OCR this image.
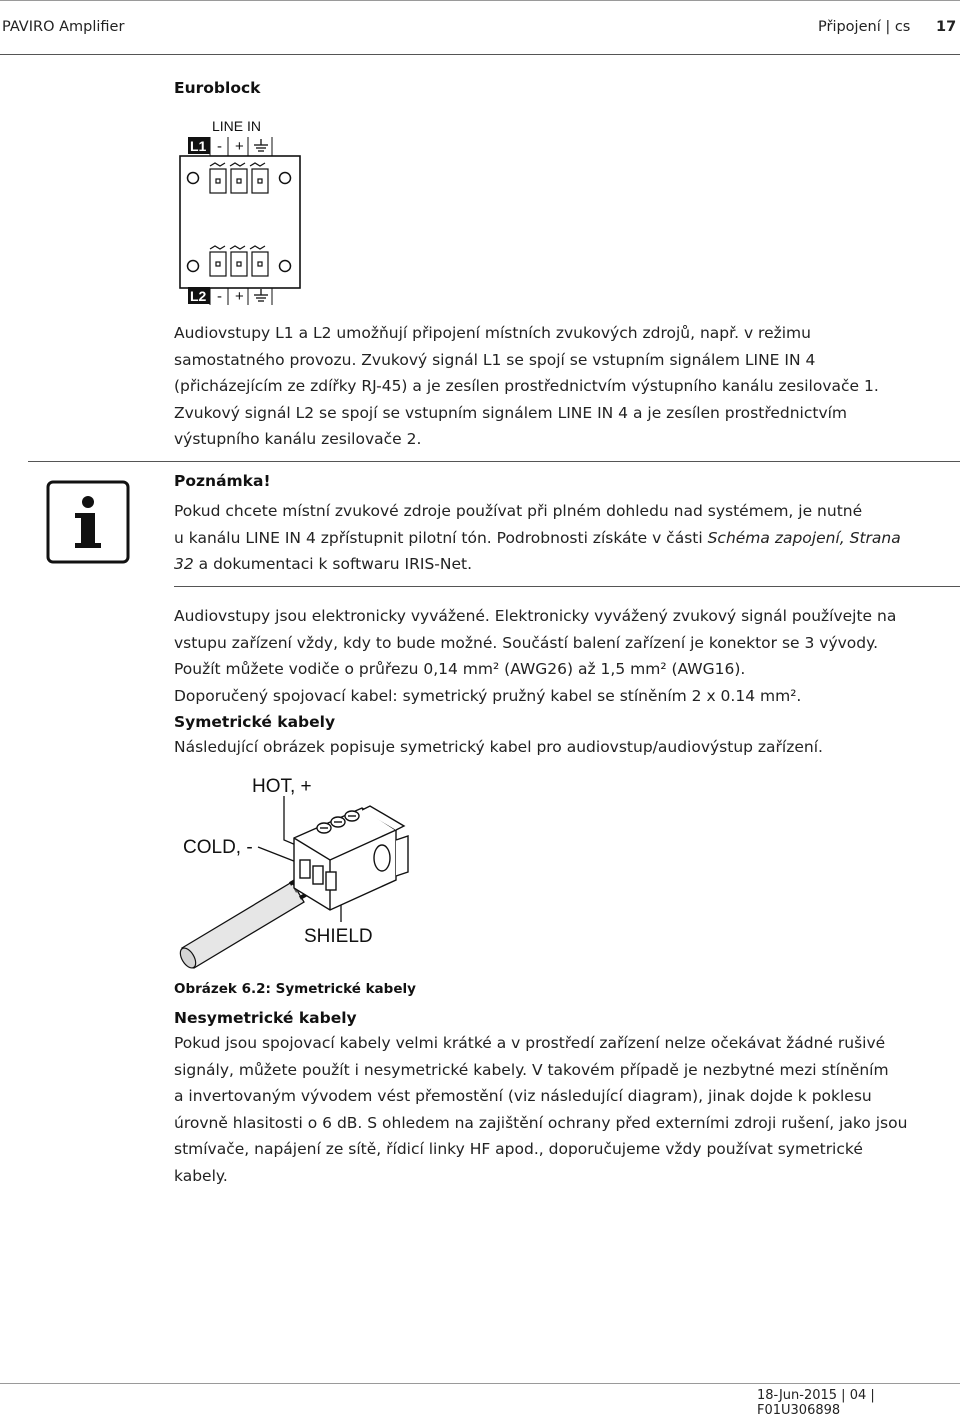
PAVIRO Amplifier	Připojení | cs 17
Euroblock
LINE IN
L1 - +
L2 - +
Audiovstupy L1 a L2 umožňují připojení místních zvukových zdrojů, např. v režimu
samostatného provozu. Zvukový signál L1 se spojí se vstupním signálem LINE IN 4
(přicházejícím ze zdířky RJ-45) a je zesílen prostřednictvím výstupního kanálu zesilovače 1.
Zvukový signál L2 se spojí se vstupním signálem LINE IN 4 a je zesílen prostřednictvím
výstupního kanálu zesilovače 2.
Poznámka!
Pokud chcete místní zvukové zdroje používat při plném dohledu nad systémem, je nutné
u kanálu LINE IN 4 zpřístupnit pilotní tón. Podrobnosti získáte v části Schéma zapojení, Strana
32 a dokumentaci k softwaru IRIS-Net.
Audiovstupy jsou elektronicky vyvážené. Elektronicky vyvážený zvukový signál používejte na
vstupu zařízení vždy, kdy to bude možné. Součástí balení zařízení je konektor se 3 vývody.
Použít můžete vodiče o průřezu 0,14 mm² (AWG26) až 1,5 mm² (AWG16).
Doporučený spojovací kabel: symetrický pružný kabel se stíněním 2 x 0.14 mm².
Symetrické kabely
Následující obrázek popisuje symetrický kabel pro audiovstup/audiovýstup zařízení.
HOT, +
COLD, -
SHIELD
Obrázek 6.2: Symetrické kabely
Nesymetrické kabely
Pokud jsou spojovací kabely velmi krátké a v prostředí zařízení nelze očekávat žádné rušivé
signály, můžete použít i nesymetrické kabely. V takovém případě je nezbytné mezi stíněním
a invertovaným vývodem vést přemostění (viz následující diagram), jinak dojde k poklesu
úrovně hlasitosti o 6 dB. S ohledem na zajištění ochrany před externími zdroji rušení, jako jsou
stmívače, napájení ze sítě, řídicí linky HF apod., doporučujeme vždy používat symetrické
kabely.
18-Jun-2015 | 04 | F01U306898
